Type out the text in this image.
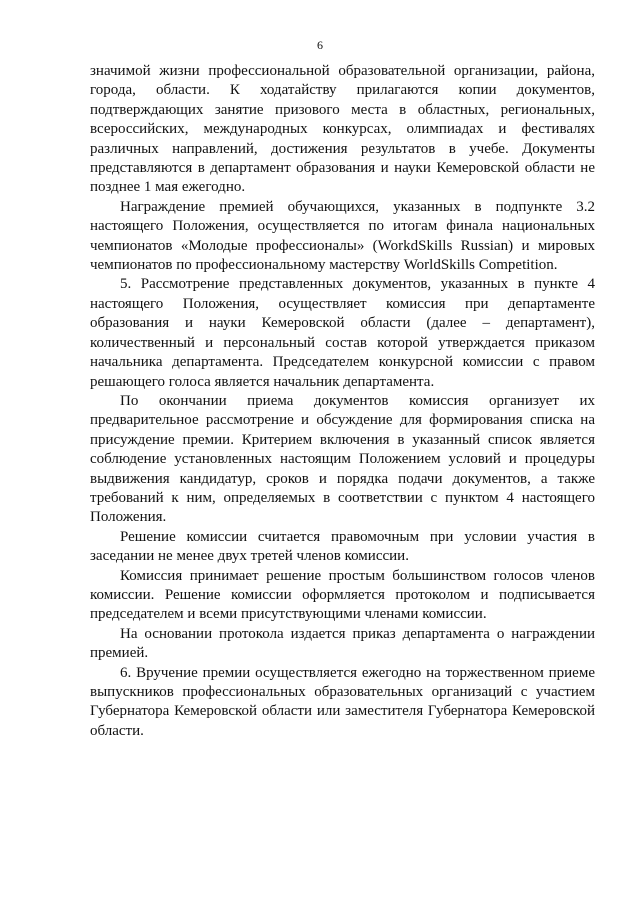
6

значимой жизни профессиональной образовательной организации, района, города, области. К ходатайству прилагаются копии документов, подтверждающих занятие призового места в областных, региональных, всероссийских, международных конкурсах, олимпиадах и фестивалях различных направлений, достижения результатов в учебе. Документы представляются в департамент образования и науки Кемеровской области не позднее 1 мая ежегодно.

Награждение премией обучающихся, указанных в подпункте 3.2 настоящего Положения, осуществляется по итогам финала национальных чемпионатов «Молодые профессионалы» (WorkdSkills Russian) и мировых чемпионатов по профессиональному мастерству WorldSkills Competition.

5. Рассмотрение представленных документов, указанных в пункте 4 настоящего Положения, осуществляет комиссия при департаменте образования и науки Кемеровской области (далее – департамент), количественный и персональный состав которой утверждается приказом начальника департамента. Председателем конкурсной комиссии с правом решающего голоса является начальник департамента.

По окончании приема документов комиссия организует их предварительное рассмотрение и обсуждение для формирования списка на присуждение премии. Критерием включения в указанный список является соблюдение установленных настоящим Положением условий и процедуры выдвижения кандидатур, сроков и порядка подачи документов, а также требований к ним, определяемых в соответствии с пунктом 4 настоящего Положения.

Решение комиссии считается правомочным при условии участия в заседании не менее двух третей членов комиссии.

Комиссия принимает решение простым большинством голосов членов комиссии. Решение комиссии оформляется протоколом и подписывается председателем и всеми присутствующими членами комиссии.

На основании протокола издается приказ департамента о награждении премией.

6. Вручение премии осуществляется ежегодно на торжественном приеме выпускников профессиональных образовательных организаций с участием Губернатора Кемеровской области или заместителя Губернатора Кемеровской области.
